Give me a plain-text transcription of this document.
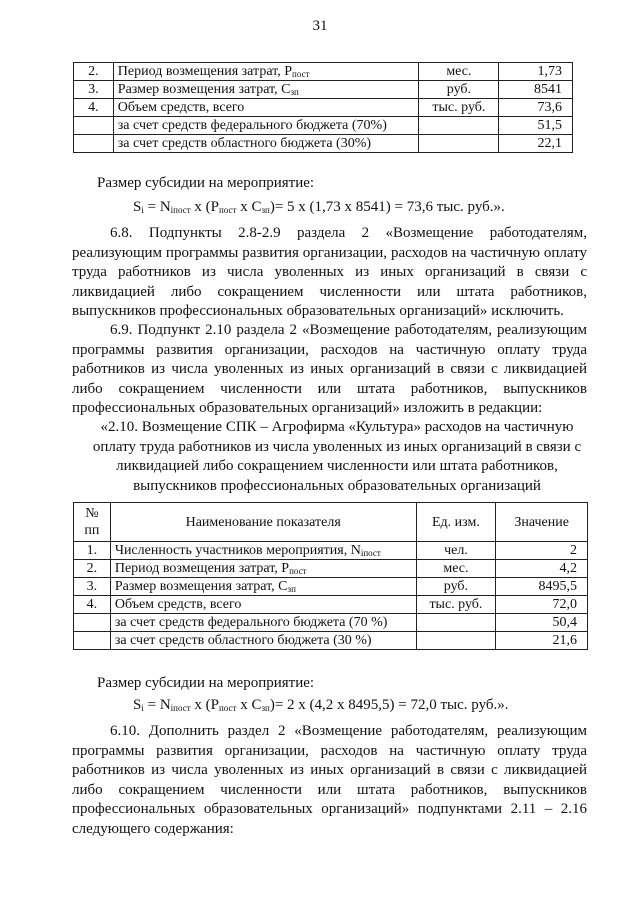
31
2.	Период возмещения затрат, $P_{пост}$	мес.	1,73
3.	Размер возмещения затрат, $C_{зп}$	руб.	8541
4.	Объем средств, всего	тыс. руб.	73,6
	за счет средств федерального бюджета (70%)		51,5
	за счет средств областного бюджета (30%)		22,1
Размер субсидии на мероприятие:
$S_i = N_{iпост}$ x ($P_{пост}$ x $C_{зп})= 5$ x (1,73 x 8541) = 73,6 тыс. руб.».
6.8. Подпункты 2.8-2.9 раздела 2 «Возмещение работодателям, реализующим программы развития организации, расходов на частичную оплату труда работников из числа уволенных из иных организаций в связи с ликвидацией либо сокращением численности или штата работников, выпускников профессиональных образовательных организаций» исключить.
6.9. Подпункт 2.10 раздела 2 «Возмещение работодателям, реализующим программы развития организации, расходов на частичную оплату труда работников из числа уволенных из иных организаций в связи с ликвидацией либо сокращением численности или штата работников, выпускников профессиональных образовательных организаций» изложить в редакции:
«2.10. Возмещение СПК – Агрофирма «Культура» расходов на частичную оплату труда работников из числа уволенных из иных организаций в связи с ликвидацией либо сокращением численности или штата работников, выпускников профессиональных образовательных организаций
№ пп	Наименование показателя	Ед. изм.	Значение
1.	Численность участников мероприятия, $N_{iпост}$	чел.	2
2.	Период возмещения затрат, $P_{пост}$	мес.	4,2
3.	Размер возмещения затрат, $C_{зп}$	руб.	8495,5
4.	Объем средств, всего	тыс. руб.	72,0
	за счет средств федерального бюджета (70 %)		50,4
	за счет средств областного бюджета (30 %)		21,6
Размер субсидии на мероприятие:
$S_i = N_{iпост}$ x ($P_{пост}$ x $C_{зп})= 2$ x (4,2 x 8495,5) = 72,0 тыс. руб.».
6.10. Дополнить раздел 2 «Возмещение работодателям, реализующим программы развития организации, расходов на частичную оплату труда работников из числа уволенных из иных организаций в связи с ликвидацией либо сокращением численности или штата работников, выпускников профессиональных образовательных организаций» подпунктами 2.11 – 2.16 следующего содержания:
